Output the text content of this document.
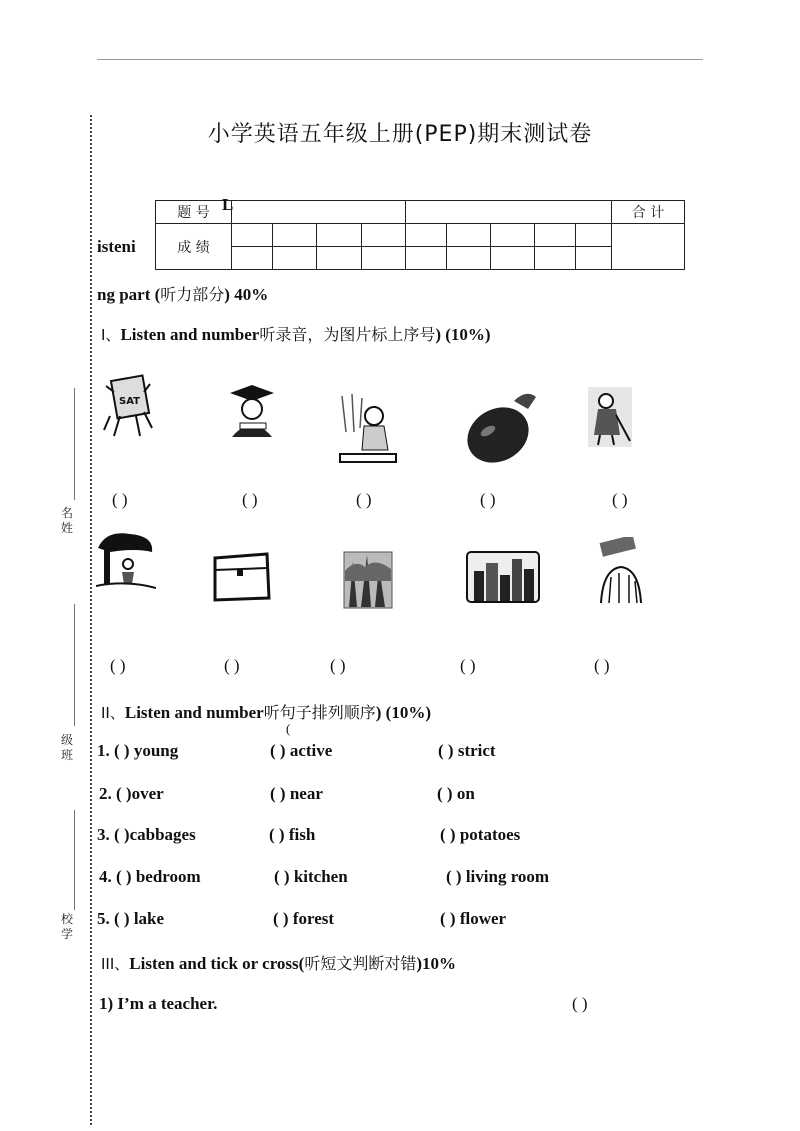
名姓
级班
校学
小学英语五年级上册(PEP)期末测试卷
题 号										合 计
成 绩										

L
isteni
ng part (听力部分) 40%
I、Listen and number听录音，为图片标上序号) (10%)
SAT
( )	( )	( )	( )	( )
( )	( )	( )	( )	( )
II、Listen and number听句子排列顺序) (10%)
(
1. ( ) young	( ) active	( ) strict
2. ( )over	( ) near	( ) on
3. ( )cabbages	( ) fish	( ) potatoes
4. ( ) bedroom	( ) kitchen	( ) living room
5. ( ) lake	( ) forest	( ) flower
III、Listen and tick or cross(听短文判断对错)10%
1) I’m a teacher.	( )
